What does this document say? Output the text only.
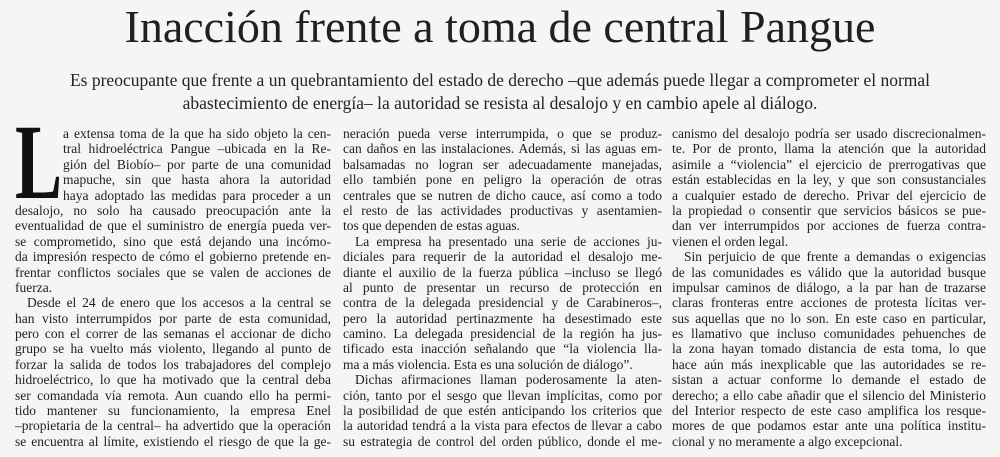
Inacción frente a toma de central Pangue
Es preocupante que frente a un quebrantamiento del estado de derecho –que además puede llegar a comprometer el normal
abastecimiento de energía– la autoridad se resista al desalojo y en cambio apele al diálogo.
L a extensa toma de la que ha sido objeto la cen-
tral hidroeléctrica Pangue –ubicada en la Re-
gión del Biobío– por parte de una comunidad
mapuche, sin que hasta ahora la autoridad
haya adoptado las medidas para proceder a un
desalojo, no solo ha causado preocupación ante la
eventualidad de que el suministro de energía pueda ver-
se comprometido, sino que está dejando una incómo-
da impresión respecto de cómo el gobierno pretende en-
frentar conflictos sociales que se valen de acciones de
fuerza.
Desde el 24 de enero que los accesos a la central se
han visto interrumpidos por parte de esta comunidad,
pero con el correr de las semanas el accionar de dicho
grupo se ha vuelto más violento, llegando al punto de
forzar la salida de todos los trabajadores del complejo
hidroeléctrico, lo que ha motivado que la central deba
ser comandada vía remota. Aun cuando ello ha permi-
tido mantener su funcionamiento, la empresa Enel
–propietaria de la central– ha advertido que la operación
se encuentra al límite, existiendo el riesgo de que la ge-
neración pueda verse interrumpida, o que se produz-
can daños en las instalaciones. Además, si las aguas em-
balsamadas no logran ser adecuadamente manejadas,
ello también pone en peligro la operación de otras
centrales que se nutren de dicho cauce, así como a todo
el resto de las actividades productivas y asentamien-
tos que dependen de estas aguas.
La empresa ha presentado una serie de acciones ju-
diciales para requerir de la autoridad el desalojo me-
diante el auxilio de la fuerza pública –incluso se llegó
al punto de presentar un recurso de protección en
contra de la delegada presidencial y de Carabineros–,
pero la autoridad pertinazmente ha desestimado este
camino. La delegada presidencial de la región ha jus-
tificado esta inacción señalando que “la violencia lla-
ma a más violencia. Esta es una solución de diálogo”.
Dichas afirmaciones llaman poderosamente la aten-
ción, tanto por el sesgo que llevan implícitas, como por
la posibilidad de que estén anticipando los criterios que
la autoridad tendrá a la vista para efectos de llevar a cabo
su estrategia de control del orden público, donde el me-
canismo del desalojo podría ser usado discrecionalmen-
te. Por de pronto, llama la atención que la autoridad
asimile a “violencia” el ejercicio de prerrogativas que
están establecidas en la ley, y que son consustanciales
a cualquier estado de derecho. Privar del ejercicio de
la propiedad o consentir que servicios básicos se pue-
dan ver interrumpidos por acciones de fuerza contra-
vienen el orden legal.
Sin perjuicio de que frente a demandas o exigencias
de las comunidades es válido que la autoridad busque
impulsar caminos de diálogo, a la par han de trazarse
claras fronteras entre acciones de protesta lícitas ver-
sus aquellas que no lo son. En este caso en particular,
es llamativo que incluso comunidades pehuenches de
la zona hayan tomado distancia de esta toma, lo que
hace aún más inexplicable que las autoridades se re-
sistan a actuar conforme lo demande el estado de
derecho; a ello cabe añadir que el silencio del Ministerio
del Interior respecto de este caso amplifica los resque-
mores de que podamos estar ante una política institu-
cional y no meramente a algo excepcional.
